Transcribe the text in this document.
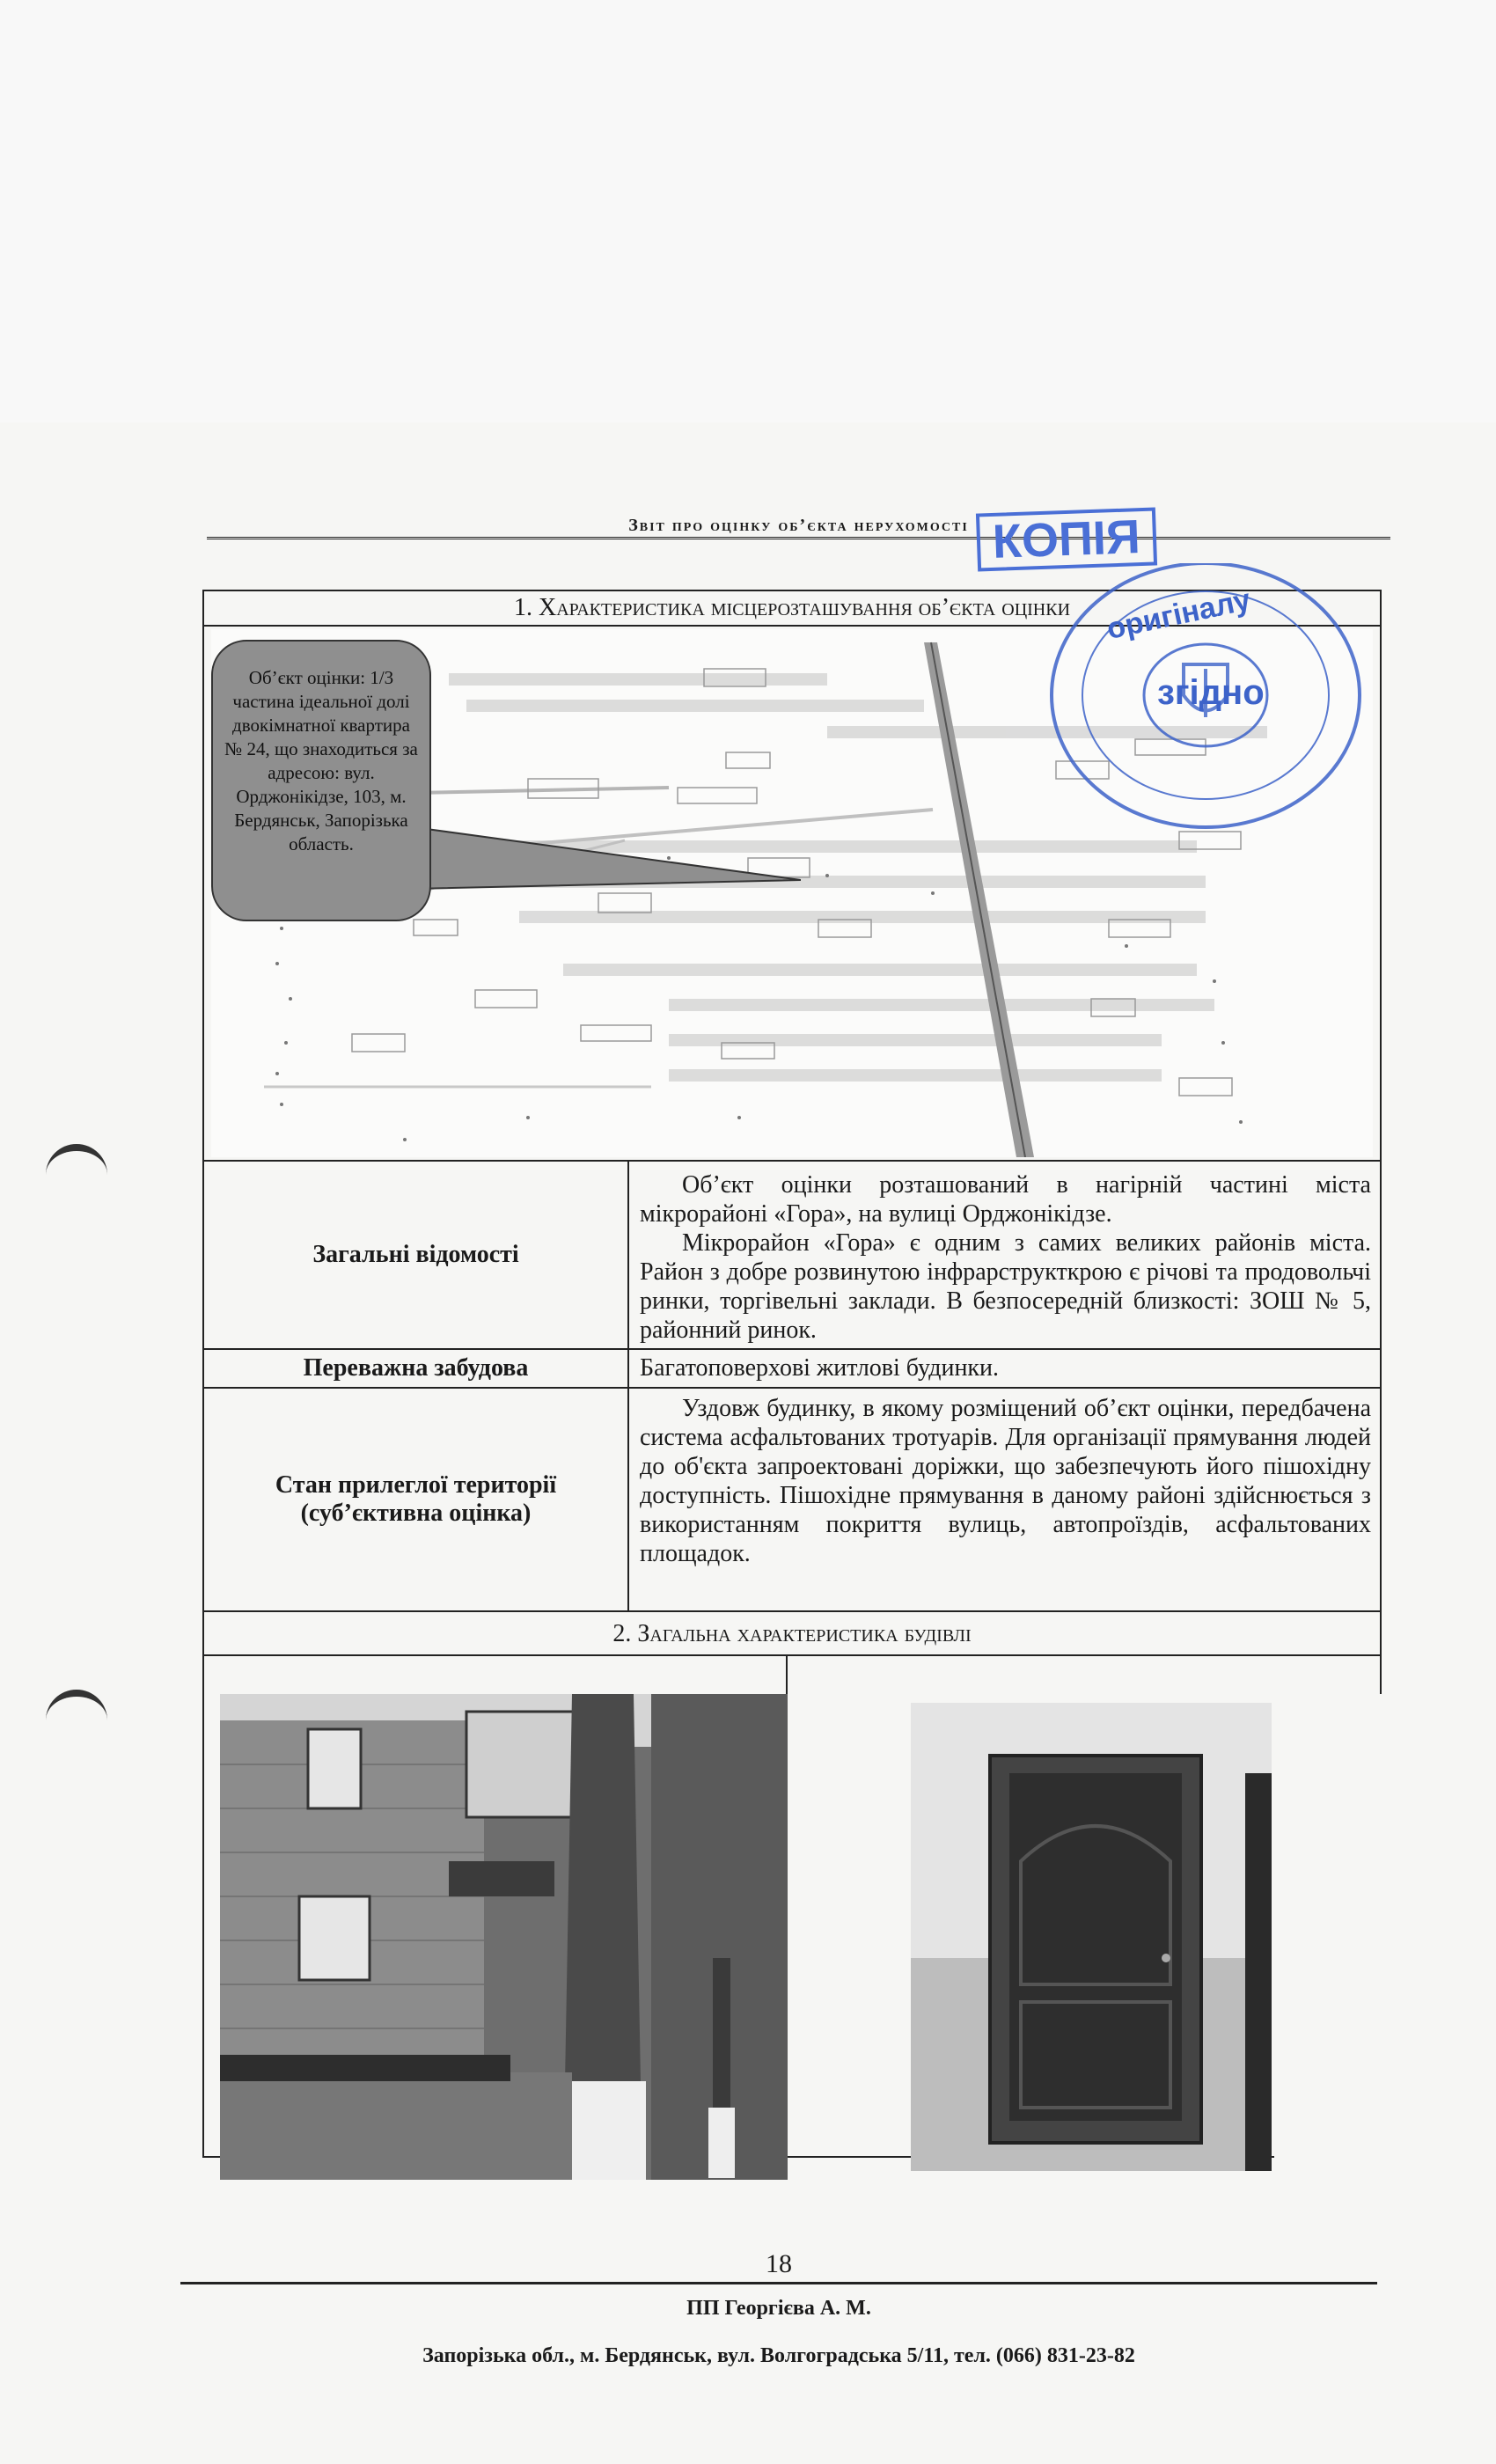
Звіт про оцінку об’єкта нерухомості
1. Характеристика місцерозташування об’єкта оцінки
Загальні відомості
Об’єкт оцінки розташований в нагірній частині міста мікрорайоні «Гора», на вулиці Орджонікідзе.
Мікрорайон «Гора» є одним з самих великих районів міста. Район з добре розвинутою інфрарструкткрою є річові та продовольчі ринки, торгівельні заклади. В безпосередній близкості: ЗОШ № 5, районний ринок.
Переважна забудова	Багатоповерхові житлові будинки.
Стан прилеглої території (суб’єктивна оцінка)
Уздовж будинку, в якому розміщений об’єкт оцінки, передбачена система асфальтованих тротуарів. Для організації прямування людей до об'єкта запроектовані доріжки, що забезпечують його пішохідну доступність. Пішохідне прямування в даному районі здійснюється з використанням покриття вулиць, автопроїздів, асфальтованих площадок.
2. Загальна характеристика будівлі
Об’єкт оцінки: 1/3 частина ідеальної долі двокімнатної квартира № 24, що знаходиться за адресою: вул. Орджонікідзе, 103, м. Бердянськ, Запорізька область.
КОПІЯ
оригіналу
згідно
18
ПП Георгієва А. М.
Запорізька обл., м. Бердянськ, вул. Волгоградська 5/11, тел. (066) 831-23-82
